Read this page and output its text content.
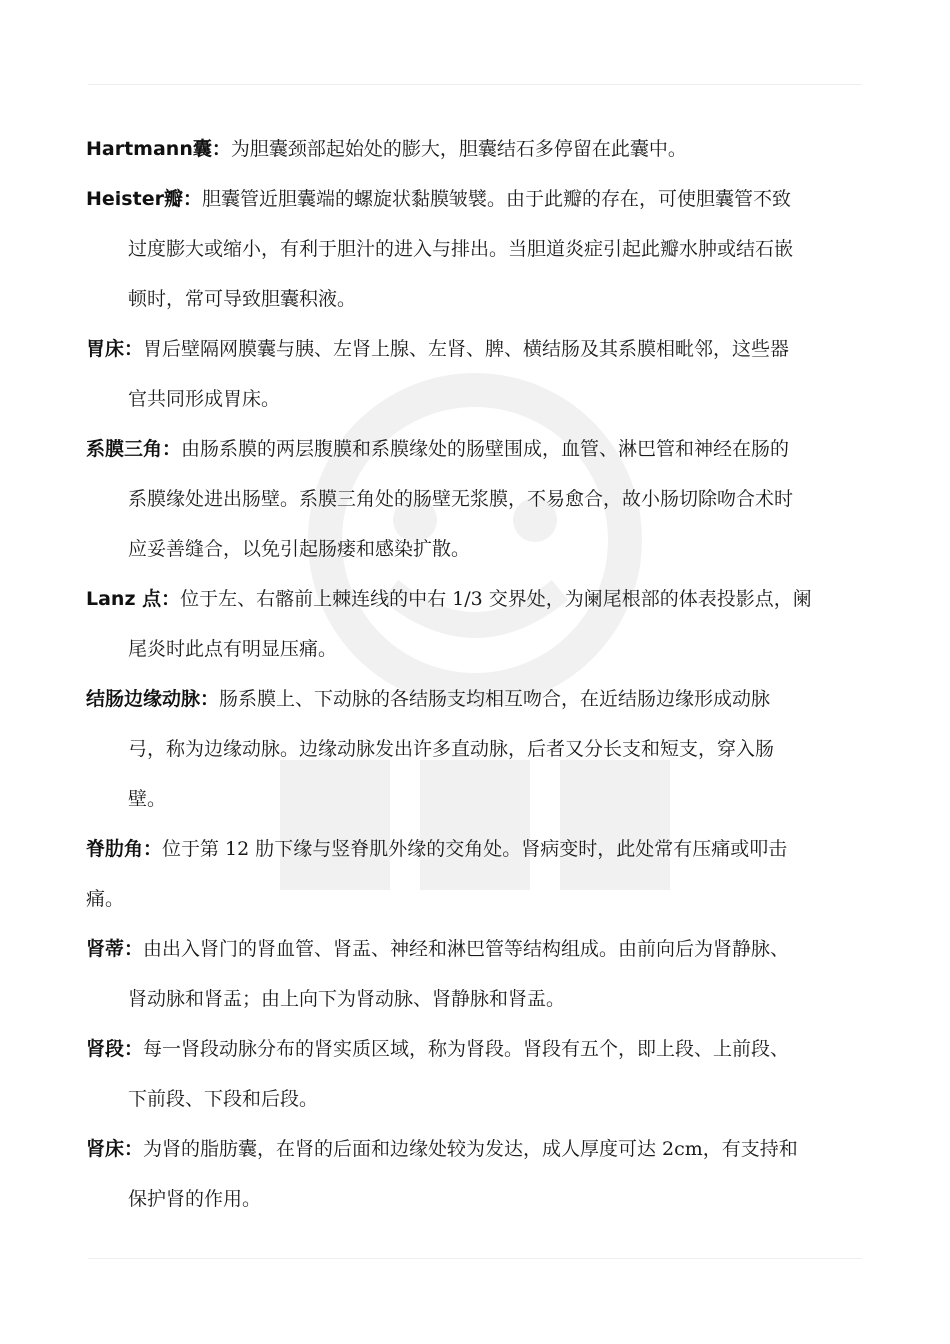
Hartmann囊：为胆囊颈部起始处的膨大，胆囊结石多停留在此囊中。
Heister瓣：胆囊管近胆囊端的螺旋状黏膜皱襞。由于此瓣的存在，可使胆囊管不致
过度膨大或缩小，有利于胆汁的进入与排出。当胆道炎症引起此瓣水肿或结石嵌
顿时，常可导致胆囊积液。
胃床：胃后壁隔网膜囊与胰、左肾上腺、左肾、脾、横结肠及其系膜相毗邻，这些器
官共同形成胃床。
系膜三角：由肠系膜的两层腹膜和系膜缘处的肠壁围成，血管、淋巴管和神经在肠的
系膜缘处进出肠壁。系膜三角处的肠壁无浆膜，不易愈合，故小肠切除吻合术时
应妥善缝合，以免引起肠瘘和感染扩散。
Lanz 点：位于左、右髂前上棘连线的中右 1/3 交界处，为阑尾根部的体表投影点，阑
尾炎时此点有明显压痛。
结肠边缘动脉：肠系膜上、下动脉的各结肠支均相互吻合，在近结肠边缘形成动脉
弓，称为边缘动脉。边缘动脉发出许多直动脉，后者又分长支和短支，穿入肠
壁。
脊肋角：位于第 12 肋下缘与竖脊肌外缘的交角处。肾病变时，此处常有压痛或叩击
痛。
肾蒂：由出入肾门的肾血管、肾盂、神经和淋巴管等结构组成。由前向后为肾静脉、
肾动脉和肾盂；由上向下为肾动脉、肾静脉和肾盂。
肾段：每一肾段动脉分布的肾实质区域，称为肾段。肾段有五个，即上段、上前段、
下前段、下段和后段。
肾床：为肾的脂肪囊，在肾的后面和边缘处较为发达，成人厚度可达 2cm，有支持和
保护肾的作用。
